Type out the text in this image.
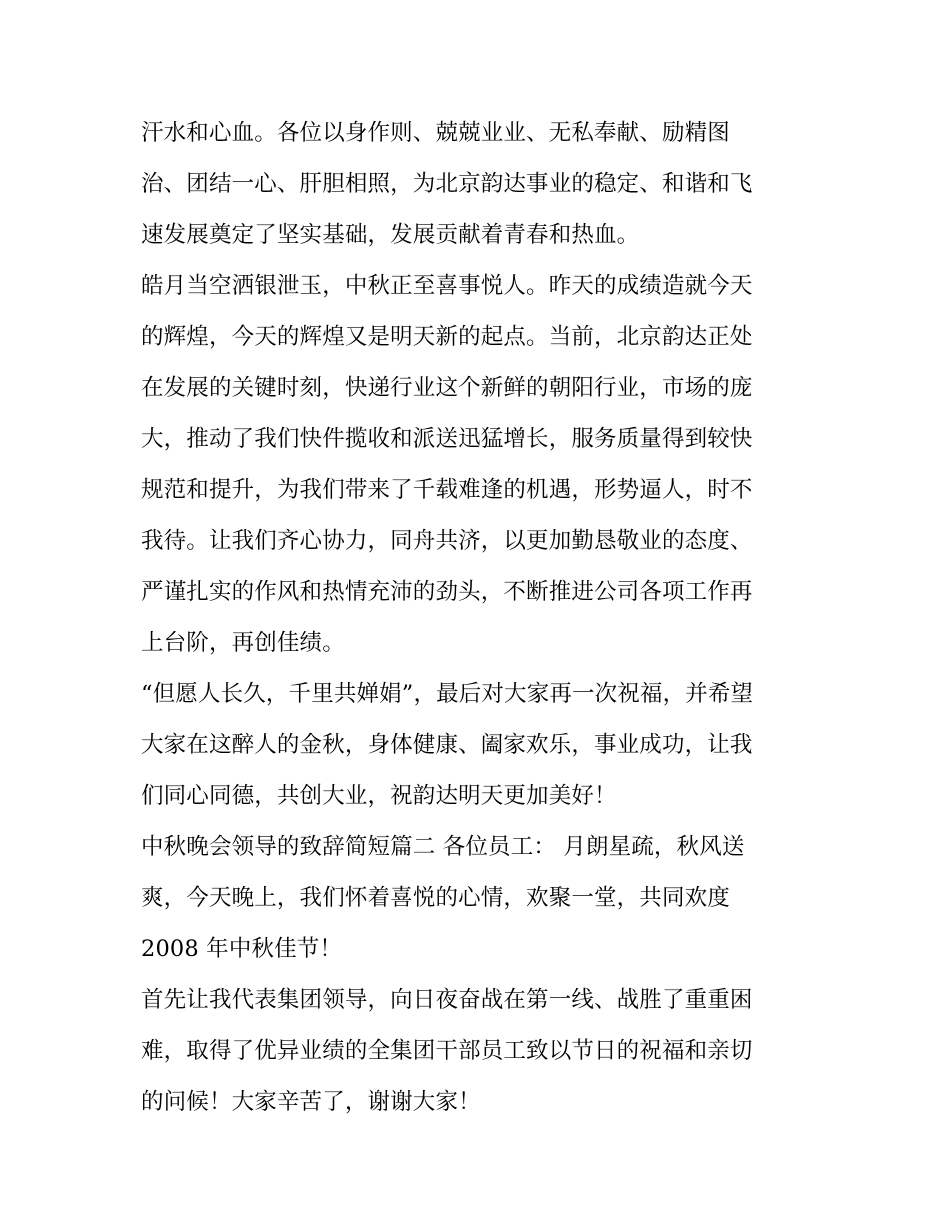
汗水和心血。各位以身作则、兢兢业业、无私奉献、励精图
治、团结一心、肝胆相照，为北京韵达事业的稳定、和谐和飞
速发展奠定了坚实基础，发展贡献着青春和热血。
皓月当空洒银泄玉，中秋正至喜事悦人。昨天的成绩造就今天
的辉煌，今天的辉煌又是明天新的起点。当前，北京韵达正处
在发展的关键时刻，快递行业这个新鲜的朝阳行业，市场的庞
大，推动了我们快件揽收和派送迅猛增长，服务质量得到较快
规范和提升，为我们带来了千载难逢的机遇，形势逼人，时不
我待。让我们齐心协力，同舟共济，以更加勤恳敬业的态度、
严谨扎实的作风和热情充沛的劲头，不断推进公司各项工作再
上台阶，再创佳绩。
“但愿人长久，千里共婵娟”，最后对大家再一次祝福，并希望
大家在这醉人的金秋，身体健康、阖家欢乐，事业成功，让我
们同心同德，共创大业，祝韵达明天更加美好！
中秋晚会领导的致辞简短篇二 各位员工： 月朗星疏，秋风送
爽，今天晚上，我们怀着喜悦的心情，欢聚一堂，共同欢度
2008 年中秋佳节！
首先让我代表集团领导，向日夜奋战在第一线、战胜了重重困
难，取得了优异业绩的全集团干部员工致以节日的祝福和亲切
的问候！大家辛苦了，谢谢大家！
